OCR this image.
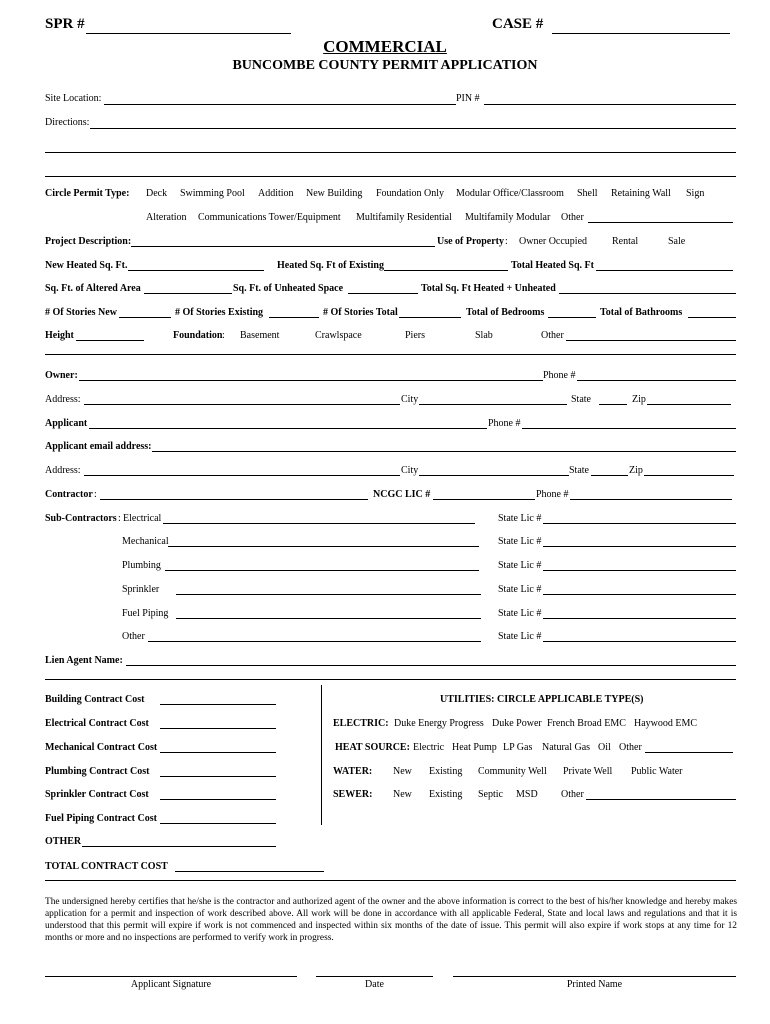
SPR #	CASE #
COMMERCIAL
BUNCOMBE COUNTY PERMIT APPLICATION
Site Location:	PIN #
Directions:
Circle Permit Type: Deck Swimming Pool Addition New Building Foundation Only Modular Office/Classroom Shell Retaining Wall Sign
Alteration Communications Tower/Equipment Multifamily Residential Multifamily Modular Other
Project Description:	Use of Property : Owner Occupied Rental	Sale
New Heated Sq. Ft.	Heated Sq. Ft of Existing	Total Heated Sq. Ft
Sq. Ft. of Altered Area	Sq. Ft. of Unheated Space	Total Sq. Ft Heated + Unheated
# Of Stories New	# Of Stories Existing	# Of Stories Total	Total of Bedrooms	Total of Bathrooms
Height	Foundation : Basement	Crawlspace	Piers	Slab	Other
Owner:	Phone #
Address:	City	State	Zip
Applicant	Phone #
Applicant email address:
Address:	City	State	Zip
Contractor :	NCGC LIC #	Phone #
Sub-Contractors : Electrical	State Lic #
Mechanical	State Lic #
Plumbing	State Lic #
Sprinkler	State Lic #
Fuel Piping	State Lic #
Other	State Lic #
Lien Agent Name:
Building Contract Cost
Electrical Contract Cost
Mechanical Contract Cost
Plumbing Contract Cost
Sprinkler Contract Cost
Fuel Piping Contract Cost
OTHER
TOTAL CONTRACT COST
UTILITIES: CIRCLE APPLICABLE TYPE(S)
ELECTRIC: Duke Energy Progress Duke Power French Broad EMC Haywood EMC
HEAT SOURCE: Electric Heat Pump LP Gas Natural Gas Oil Other
WATER: New Existing Community Well Private Well Public Water
SEWER: New Existing Septic MSD Other
The undersigned hereby certifies that he/she is the contractor and authorized agent of the owner and the above information is correct to the best of his/her knowledge and hereby makes application for a permit and inspection of work described above. All work will be done in accordance with all applicable Federal, State and local laws and regulations and that it is understood that this permit will expire if work is not commenced and inspected within six months of the date of issue. This permit will also expire if work stops at any time for 12 months or more and no inspections are performed to verify work in progress.
Applicant Signature	Date	Printed Name
